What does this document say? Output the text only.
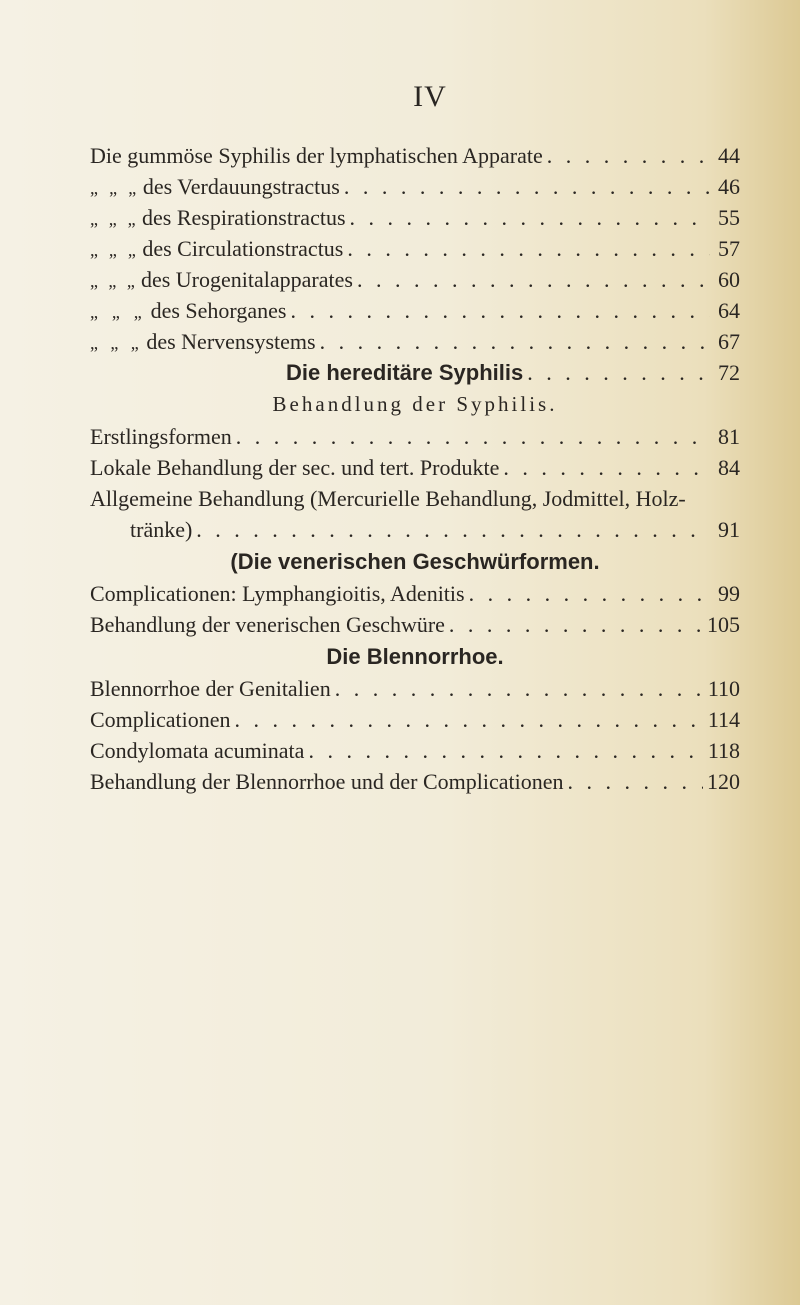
IV
Die gummöse Syphilis der lymphatischen Apparate . . .	44
„ „ „ des Verdauungstractus . . .	46
„ „ „ des Respirationstractus . . .	55
„ „ „ des Circulationstractus . . .	57
„ „ „ des Urogenitalapparates . . .	60
„ „ „ des Sehorganes . . .	64
„ „ „ des Nervensystems . . .	67
Die hereditäre Syphilis . . .	72
Behandlung der Syphilis.
Erstlingsformen . . .	81
Lokale Behandlung der sec. und tert. Produkte . . .	84
Allgemeine Behandlung (Mercurielle Behandlung, Jodmittel, Holz-
tränke) . . .	91
(Die venerischen Geschwürformen.
Complicationen: Lymphangioitis, Adenitis . . .	99
Behandlung der venerischen Geschwüre . . .	105
Die Blennorrhoe.
Blennorrhoe der Genitalien . . .	110
Complicationen . . .	114
Condylomata acuminata . . .	118
Behandlung der Blennorrhoe und der Complicationen . . .	120
